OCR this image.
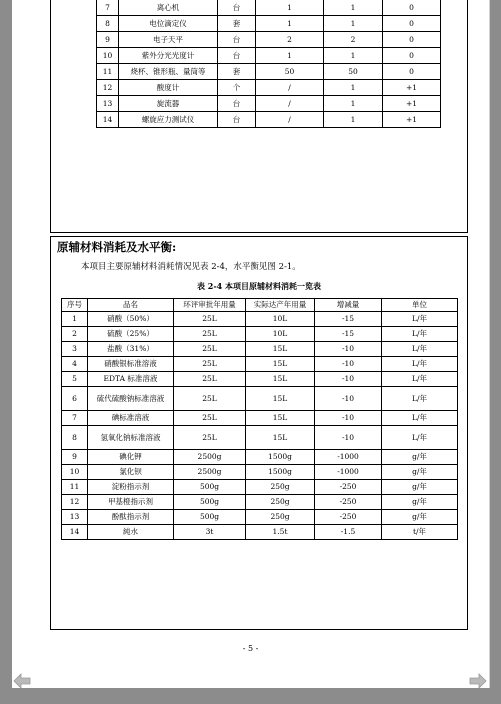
7	离心机	台	1	1	0
8	电位滴定仪	套	1	1	0
9	电子天平	台	2	2	0
10	紫外分光光度计	台	1	1	0
11	烧杯、锥形瓶、量筒等	套	50	50	0
12	酸度计	个	/	1	+1
13	旋流器	台	/	1	+1
14	螺旋应力测试仪	台	/	1	+1
原辅材料消耗及水平衡:
本项目主要原辅材料消耗情况见表 2-4，水平衡见图 2-1。
表 2-4 本项目原辅材料消耗一览表
序号	品名	环评审批年用量	实际达产年用量	增减量	单位
1	硝酸（50%）	25L	10L	-15	L/年
2	硫酸（25%）	25L	10L	-15	L/年
3	盐酸（31%）	25L	15L	-10	L/年
4	硝酸银标准溶液	25L	15L	-10	L/年
5	EDTA 标准溶液	25L	15L	-10	L/年
6	硫代硫酸钠标准溶液	25L	15L	-10	L/年
7	碘标准溶液	25L	15L	-10	L/年
8	氢氧化钠标准溶液	25L	15L	-10	L/年
9	碘化钾	2500g	1500g	-1000	g/年
10	氯化钡	2500g	1500g	-1000	g/年
11	淀粉指示剂	500g	250g	-250	g/年
12	甲基橙指示剂	500g	250g	-250	g/年
13	酚酞指示剂	500g	250g	-250	g/年
14	純水	3t	1.5t	-1.5	t/年
- 5 -
